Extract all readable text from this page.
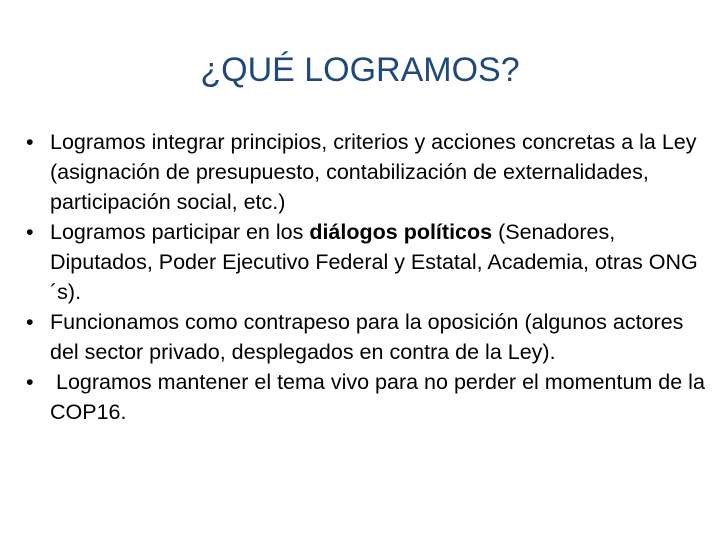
¿QUÉ LOGRAMOS?
• Logramos integrar principios, criterios y acciones concretas a la Ley (asignación de presupuesto, contabilización de externalidades, participación social, etc.)
• Logramos participar en los diálogos políticos (Senadores, Diputados, Poder Ejecutivo Federal y Estatal, Academia, otras ONG´s).
• Funcionamos como contrapeso para la oposición (algunos actores del sector privado, desplegados en contra de la Ley).
• Logramos mantener el tema vivo para no perder el momentum de la COP16.
